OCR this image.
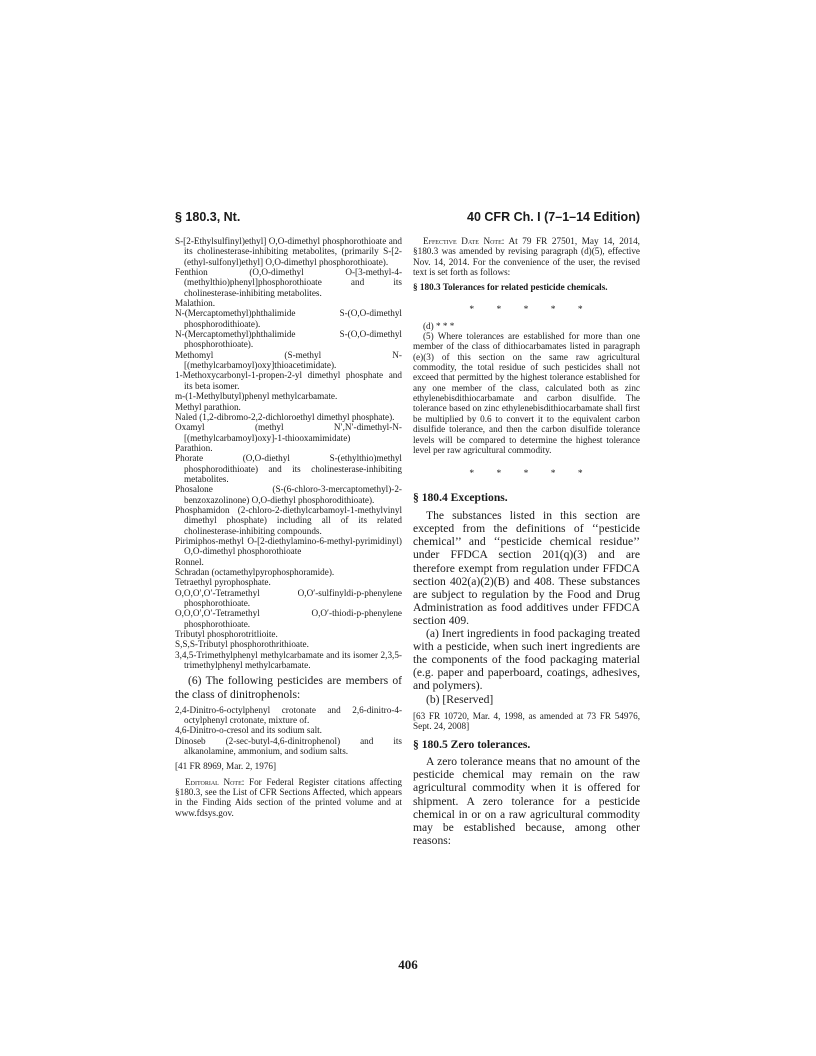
§ 180.3, Nt.	40 CFR Ch. I (7–1–14 Edition)

S-[2-Ethylsulfinyl)ethyl] O,O-dimethyl phosphorothioate and its cholinesterase-inhibiting metabolites, (primarily S-[2-(ethyl-sulfonyl)ethyl] O,O-dimethyl phosphorothioate).

Fenthion (O,O-dimethyl O-[3-methyl-4-(methylthio)phenyl]phosphorothioate and its cholinesterase-inhibiting metabolites.

Malathion.

N-(Mercaptomethyl)phthalimide S-(O,O-dimethyl phosphorodithioate).

N-(Mercaptomethyl)phthalimide S-(O,O-dimethyl phosphorothioate).

Methomyl (S-methyl N-[(methylcarbamoyl)oxy]thioacetimidate).

1-Methoxycarbonyl-1-propen-2-yl dimethyl phosphate and its beta isomer.

m-(1-Methylbutyl)phenyl methylcarbamate.

Methyl parathion.

Naled (1,2-dibromo-2,2-dichloroethyl dimethyl phosphate).

Oxamyl (methyl N′,N′-dimethyl-N-[(methylcarbamoyl)oxy]-1-thiooxamimidate)

Parathion.

Phorate (O,O-diethyl S-(ethylthio)methyl phosphorodithioate) and its cholinesterase-inhibiting metabolites.

Phosalone (S-(6-chloro-3-mercaptomethyl)-2-benzoxazolinone) O,O-diethyl phosphorodithioate).

Phosphamidon (2-chloro-2-diethylcarbamoyl-1-methylvinyl dimethyl phosphate) including all of its related cholinesterase-inhibiting compounds.

Pirimiphos-methyl O-[2-diethylamino-6-methyl-pyrimidinyl) O,O-dimethyl phosphorothioate

Ronnel.

Schradan (octamethylpyrophosphoramide).

Tetraethyl pyrophosphate.

O,O,O′,O′-Tetramethyl O,O′-sulfinyldi-p-phenylene phosphorothioate.

O,O,O′,O′-Tetramethyl O,O′-thiodi-p-phenylene phosphorothioate.

Tributyl phosphorotritlioite.

S,S,S-Tributyl phosphorothrithioate.

3,4,5-Trimethylphenyl methylcarbamate and its isomer 2,3,5-trimethylphenyl methylcarbamate.

(6) The following pesticides are members of the class of dinitrophenols:

2,4-Dinitro-6-octylphenyl crotonate and 2,6-dinitro-4-octylphenyl crotonate, mixture of.

4,6-Dinitro-o-cresol and its sodium salt.

Dinoseb (2-sec-butyl-4,6-dinitrophenol) and its alkanolamine, ammonium, and sodium salts.

[41 FR 8969, Mar. 2, 1976]

Editorial Note: For Federal Register citations affecting §180.3, see the List of CFR Sections Affected, which appears in the Finding Aids section of the printed volume and at www.fdsys.gov.

Effective Date Note: At 79 FR 27501, May 14, 2014, §180.3 was amended by revising paragraph (d)(5), effective Nov. 14, 2014. For the convenience of the user, the revised text is set forth as follows:

§ 180.3 Tolerances for related pesticide chemicals.

* * * * *

(d) * * *

(5) Where tolerances are established for more than one member of the class of dithiocarbamates listed in paragraph (e)(3) of this section on the same raw agricultural commodity, the total residue of such pesticides shall not exceed that permitted by the highest tolerance established for any one member of the class, calculated both as zinc ethylenebisdithiocarbamate and carbon disulfide. The tolerance based on zinc ethylenebisdithiocarbamate shall first be multiplied by 0.6 to convert it to the equivalent carbon disulfide tolerance, and then the carbon disulfide tolerance levels will be compared to determine the highest tolerance level per raw agricultural commodity.

* * * * *

§ 180.4 Exceptions.

The substances listed in this section are excepted from the definitions of ‘‘pesticide chemical’’ and ‘‘pesticide chemical residue’’ under FFDCA section 201(q)(3) and are therefore exempt from regulation under FFDCA section 402(a)(2)(B) and 408. These substances are subject to regulation by the Food and Drug Administration as food additives under FFDCA section 409.

(a) Inert ingredients in food packaging treated with a pesticide, when such inert ingredients are the components of the food packaging material (e.g. paper and paperboard, coatings, adhesives, and polymers).

(b) [Reserved]

[63 FR 10720, Mar. 4, 1998, as amended at 73 FR 54976, Sept. 24, 2008]

§ 180.5 Zero tolerances.

A zero tolerance means that no amount of the pesticide chemical may remain on the raw agricultural commodity when it is offered for shipment. A zero tolerance for a pesticide chemical in or on a raw agricultural commodity may be established because, among other reasons:

406
